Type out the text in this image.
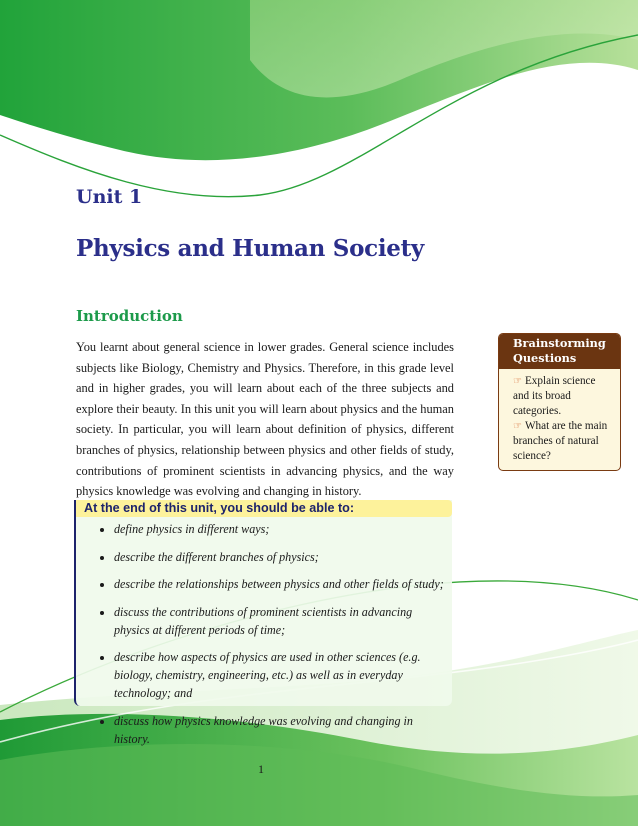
Unit 1
Physics and Human Society
Introduction
You learnt about general science in lower grades. General science includes subjects like Biology, Chemistry and Physics. Therefore, in this grade level and in higher grades, you will learn about each of the three subjects and explore their beauty. In this unit you will learn about physics and the human society. In particular, you will learn about definition of physics, different branches of physics, relationship between physics and other fields of study, contributions of prominent scientists in advancing physics, and the way physics knowledge was evolving and changing in history.
Brainstorming Questions
☞ Explain science and its broad categories.
☞ What are the main branches of natural science?
At the end of this unit, you should be able to:
• define physics in different ways;
• describe the different branches of physics;
• describe the relationships between physics and other fields of study;
• discuss the contributions of prominent scientists in advancing physics at different periods of time;
• describe how aspects of physics are used in other sciences (e.g. biology, chemistry, engineering, etc.) as well as in everyday technology; and
• discuss how physics knowledge was evolving and changing in history.
1
